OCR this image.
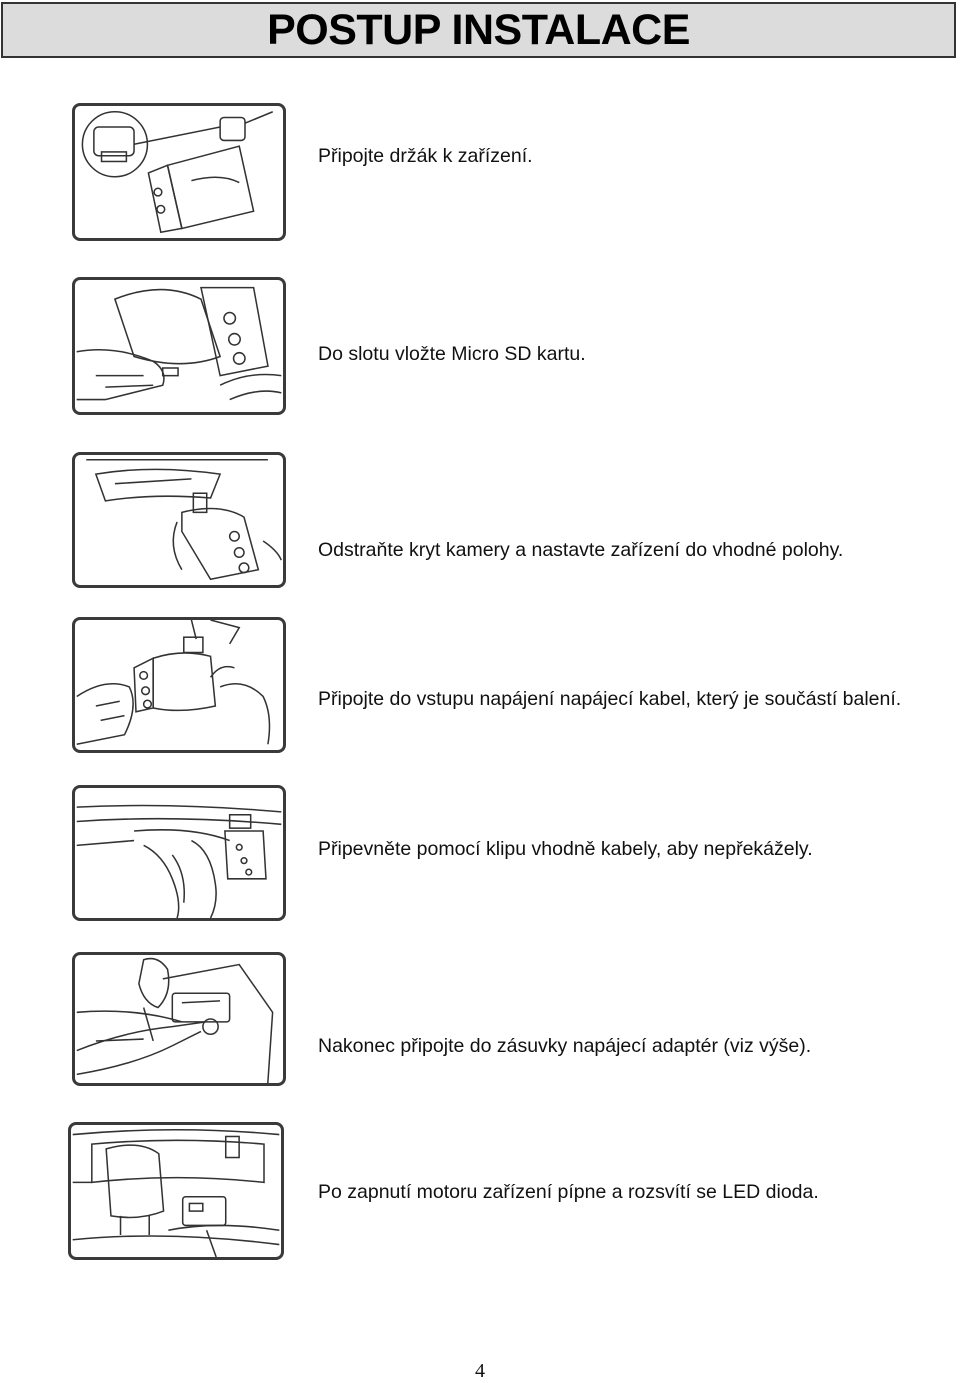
POSTUP INSTALACE
Připojte držák k zařízení.
Do slotu vložte Micro SD kartu.
Odstraňte kryt kamery a nastavte zařízení do vhodné polohy.
Připojte do vstupu napájení napájecí kabel, který je součástí balení.
Připevněte pomocí klipu vhodně kabely, aby nepřekážely.
Nakonec připojte do zásuvky napájecí adaptér (viz výše).
Po zapnutí motoru zařízení pípne a rozsvítí se LED dioda.
4
